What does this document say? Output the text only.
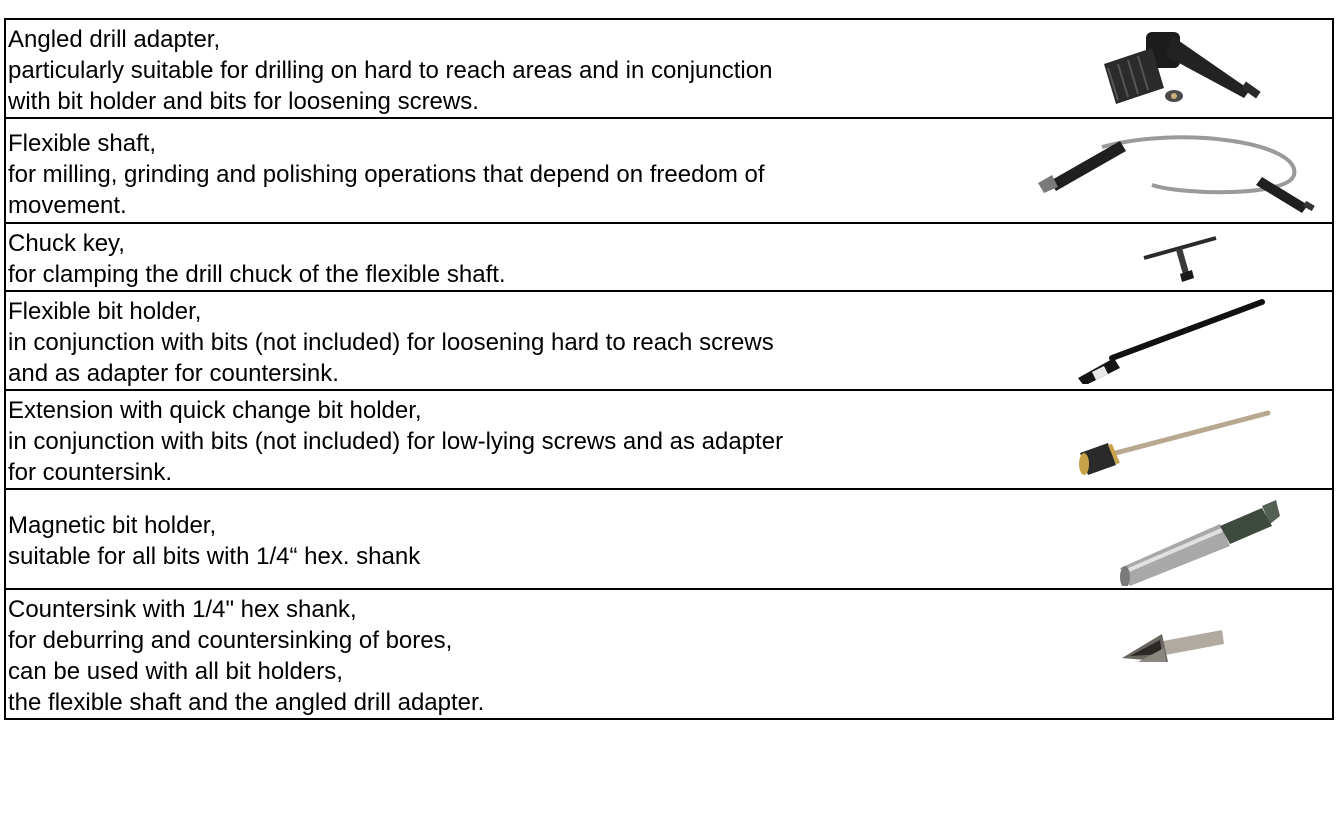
Angled drill adapter,
particularly suitable for drilling on hard to reach areas and in conjunction
with bit holder and bits for loosening screws.

Flexible shaft,
for milling, grinding and polishing operations that depend on freedom of
movement.

Chuck key,
for clamping the drill chuck of the flexible shaft.

Flexible bit holder,
in conjunction with bits (not included) for loosening hard to reach screws
and as adapter for countersink.

Extension with quick change bit holder,
in conjunction with bits (not included) for low-lying screws and as adapter
for countersink.

Magnetic bit holder,
suitable for all bits with 1/4“ hex. shank

Countersink with 1/4" hex shank,
for deburring and countersinking of bores,
can be used with all bit holders,
the flexible shaft and the angled drill adapter.
